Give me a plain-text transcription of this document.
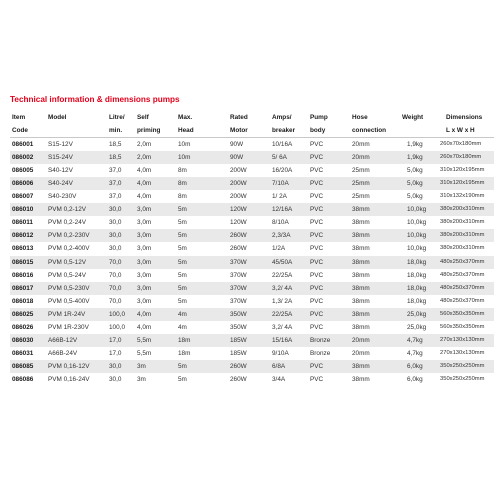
Technical information & dimensions pumps
Item	Model	Litre/ Self	Max.	Rated	Amps/	Pump	Hose	Weight	Dimensions
Code	min. priming	Head	Motor	breaker body	connection	L x W x H
086001 S15-12V	18,5 2,0m	10m	90W	10/16A	PVC	20mm	1,9kg	260x70x180mm
086002 S15-24V	18,5 2,0m	10m	90W	5/ 6A	PVC	20mm	1,9kg	260x70x180mm
086005 S40-12V	37,0 4,0m	8m	200W	16/20A	PVC	25mm	5,0kg	310x120x195mm
086006 S40-24V	37,0 4,0m	8m	200W	7/10A	PVC	25mm	5,0kg	310x120x195mm
086007 S40-230V	37,0 4,0m	8m	200W	1/ 2A	PVC	25mm	5,0kg	310x132x190mm
086010 PVM 0,2-12V	30,0 3,0m	5m	120W	12/16A	PVC	38mm	10,0kg 380x200x310mm
086011 PVM 0,2-24V	30,0 3,0m	5m	120W	8/10A	PVC	38mm	10,0kg 380x200x310mm
086012 PVM 0,2-230V	30,0 3,0m	5m	260W	2,3/3A	PVC	38mm	10,0kg 380x200x310mm
086013 PVM 0,2-400V	30,0 3,0m	5m	260W	1/2A	PVC	38mm	10,0kg 380x200x310mm
086015 PVM 0,5-12V	70,0 3,0m	5m	370W	45/50A	PVC	38mm	18,0kg 480x250x370mm
086016 PVM 0,5-24V	70,0 3,0m	5m	370W	22/25A	PVC	38mm	18,0kg 480x250x370mm
086017 PVM 0,5-230V	70,0 3,0m	5m	370W	3,2/ 4A	PVC	38mm	18,0kg 480x250x370mm
086018 PVM 0,5-400V	70,0 3,0m	5m	370W	1,3/ 2A	PVC	38mm	18,0kg 480x250x370mm
086025 PVM 1R-24V	100,0 4,0m	4m	350W	22/25A	PVC	38mm	25,0kg 560x350x350mm
086026 PVM 1R-230V	100,0 4,0m	4m	350W	3,2/ 4A	PVC	38mm	25,0kg 560x350x350mm
086030 A66B-12V	17,0 5,5m	18m	185W	15/16A	Bronze	20mm	4,7kg	270x130x130mm
086031 A66B-24V	17,0 5,5m	18m	185W	9/10A	Bronze	20mm	4,7kg	270x130x130mm
086085 PVM 0,16-12V	30,0 3m	5m	260W	6/8A	PVC	38mm	6,0kg	350x250x250mm
086086 PVM 0,16-24V	30,0 3m	5m	260W	3/4A	PVC	38mm	6,0kg	350x250x250mm
